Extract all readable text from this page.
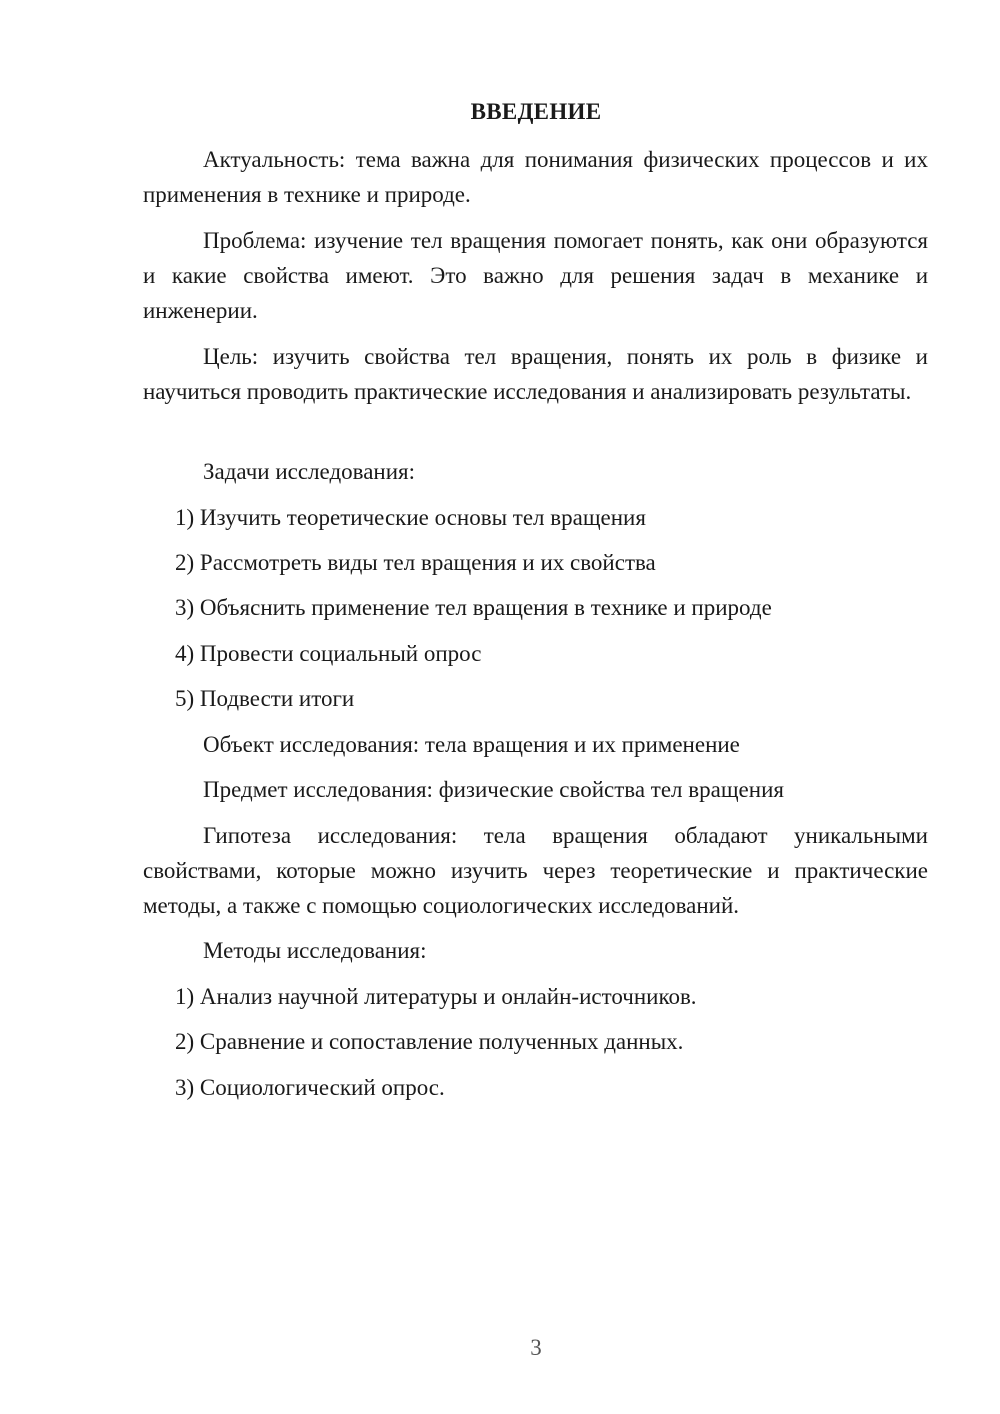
ВВЕДЕНИЕ

Актуальность: тема важна для понимания физических процессов и их применения в технике и природе.

Проблема: изучение тел вращения помогает понять, как они образуются и какие свойства имеют. Это важно для решения задач в механике и инженерии.

Цель: изучить свойства тел вращения, понять их роль в физике и научиться проводить практические исследования и анализировать результаты.

Задачи исследования:

1) Изучить теоретические основы тел вращения

2) Рассмотреть виды тел вращения и их свойства

3) Объяснить применение тел вращения в технике и природе

4) Провести социальный опрос

5) Подвести итоги

Объект исследования: тела вращения и их применение

Предмет исследования: физические свойства тел вращения

Гипотеза исследования: тела вращения обладают уникальными свойствами, которые можно изучить через теоретические и практические методы, а также с помощью социологических исследований.

Методы исследования:

1) Анализ научной литературы и онлайн-источников.

2) Сравнение и сопоставление полученных данных.

3) Социологический опрос.

3
